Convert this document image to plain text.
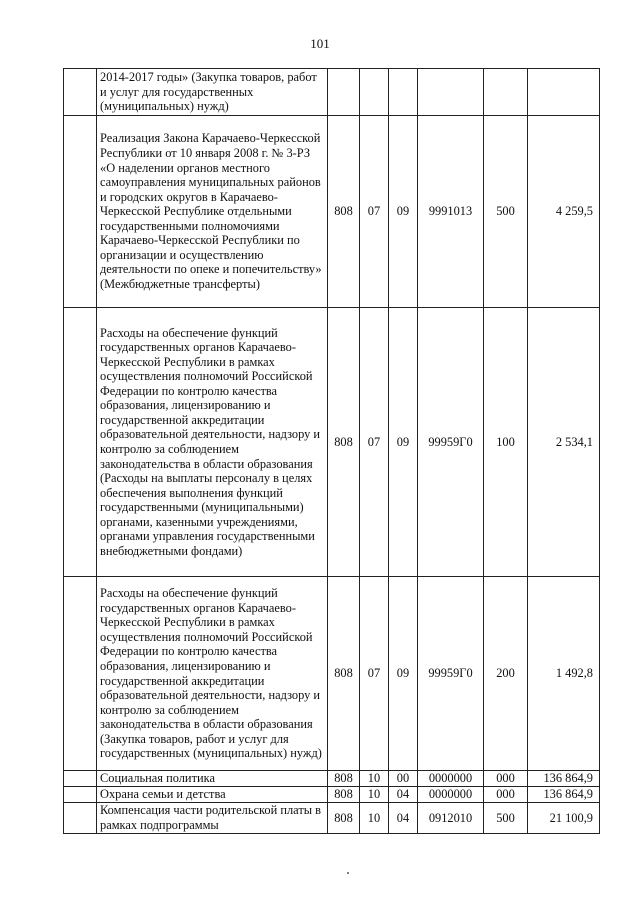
101
	2014-2017 годы» (Закупка товаров, работ и услуг для государственных (муниципальных) нужд)						
	Реализация Закона Карачаево-Черкесской Республики от 10 января 2008 г. № 3-РЗ «О наделении органов местного самоуправления муниципальных районов и городских округов в Карачаево-Черкесской Республике отдельными государственными полномочиями Карачаево-Черкесской Республики по организации и осуществлению деятельности по опеке и попечительству» (Межбюджетные трансферты)	808	07	09	9991013	500	4 259,5
	Расходы на обеспечение функций государственных органов Карачаево-Черкесской Республики в рамках осуществления полномочий Российской Федерации по контролю качества образования, лицензированию и государственной аккредитации образовательной деятельности, надзору и контролю за соблюдением законодательства в области образования (Расходы на выплаты персоналу в целях обеспечения выполнения функций государственными (муниципальными) органами, казенными учреждениями, органами управления государственными внебюджетными фондами)	808	07	09	99959Г0	100	2 534,1
	Расходы на обеспечение функций государственных органов Карачаево-Черкесской Республики в рамках осуществления полномочий Российской Федерации по контролю качества образования, лицензированию и государственной аккредитации образовательной деятельности, надзору и контролю за соблюдением законодательства в области образования (Закупка товаров, работ и услуг для государственных (муниципальных) нужд)	808	07	09	99959Г0	200	1 492,8
	Социальная политика	808	10	00	0000000	000	136 864,9
	Охрана семьи и детства	808	10	04	0000000	000	136 864,9
	Компенсация части родительской платы в рамках подпрограммы	808	10	04	0912010	500	21 100,9
